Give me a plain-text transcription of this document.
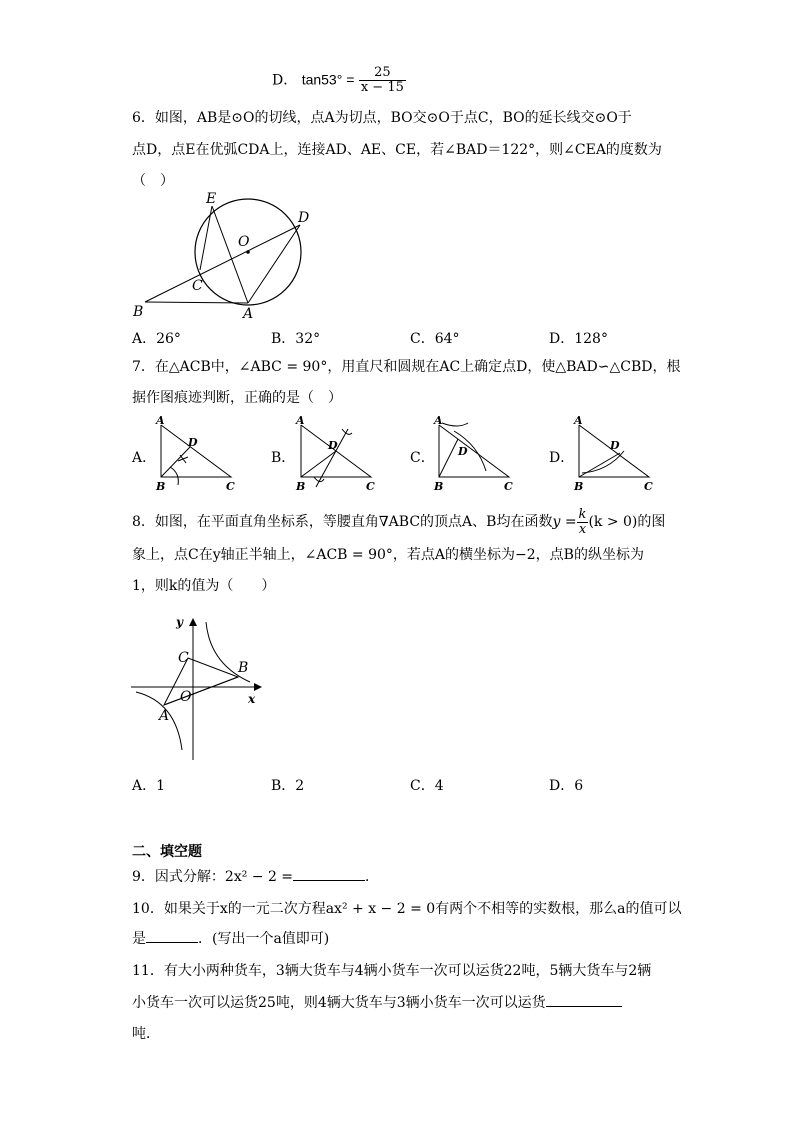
D． $\tan 53^\circ = \frac{25}{x - 15}$
6．如图，AB是⊙O的切线，点A为切点，BO交⊙O于点C，BO的延长线交⊙O于
点D，点E在优弧CDA上，连接AD、AE、CE，若∠BAD＝122°，则∠CEA的度数为
（　）
E
O
D
C
B	A
A．26°	B．32°	C．64°	D．128°
7．在△ACB中，∠ABC = 90°，用直尺和圆规在AC上确定点D，使△BAD∽△CBD，根
据作图痕迹判断，正确的是（　）
A．
A
D
B	C
B．
A
D
B	C
C．
A
D
B	C
D．
A
D
B	C
8．如图，在平面直角坐标系，等腰直角∇ABC的顶点A、B均在函数$y = \frac{k}{x} (k > 0)$的图
象上，点C在y轴正半轴上，∠ACB = 90°，若点A的横坐标为−2，点B的纵坐标为
1，则k的值为（　　）
y
x
C
B
O
A
A．1	B．2	C．4	D．6
二、填空题
9．因式分解：2x² − 2 =	．
10．如果关于x的一元二次方程ax² + x − 2 = 0有两个不相等的实数根，那么a的值可以
是	．(写出一个a值即可)
11．有大小两种货车，3辆大货车与4辆小货车一次可以运货22吨，5辆大货车与2辆
小货车一次可以运货25吨，则4辆大货车与3辆小货车一次可以运货
吨．
